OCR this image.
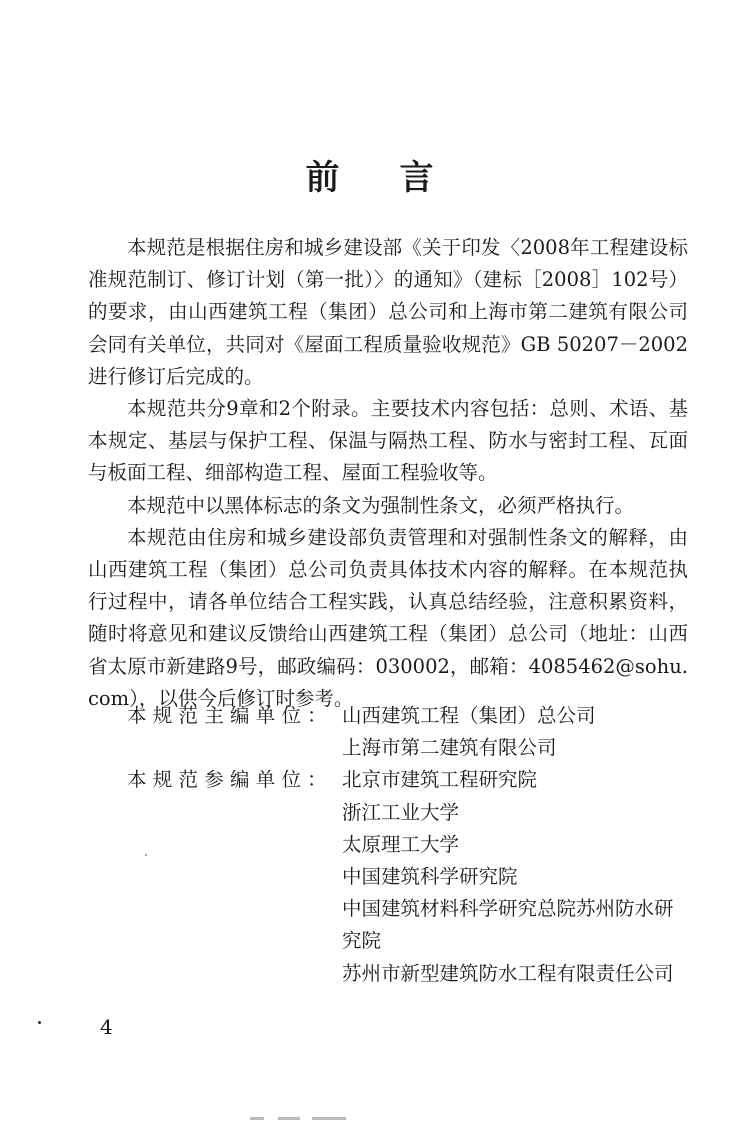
前 言

本规范是根据住房和城乡建设部《关于印发〈2008年工程建设标准规范制订、修订计划（第一批）〉的通知》（建标［2008］102号）的要求，由山西建筑工程（集团）总公司和上海市第二建筑有限公司会同有关单位，共同对《屋面工程质量验收规范》GB 50207－2002进行修订后完成的。

本规范共分9章和2个附录。主要技术内容包括：总则、术语、基本规定、基层与保护工程、保温与隔热工程、防水与密封工程、瓦面与板面工程、细部构造工程、屋面工程验收等。

本规范中以黑体标志的条文为强制性条文，必须严格执行。

本规范由住房和城乡建设部负责管理和对强制性条文的解释，由山西建筑工程（集团）总公司负责具体技术内容的解释。在本规范执行过程中，请各单位结合工程实践，认真总结经验，注意积累资料，随时将意见和建议反馈给山西建筑工程（集团）总公司（地址：山西省太原市新建路9号，邮政编码：030002，邮箱：4085462@sohu.com），以供今后修订时参考。

本规范主编单位： 山西建筑工程（集团）总公司
上海市第二建筑有限公司
本规范参编单位： 北京市建筑工程研究院
浙江工业大学
太原理工大学
中国建筑科学研究院
中国建筑材料科学研究总院苏州防水研究院
苏州市新型建筑防水工程有限责任公司
4
